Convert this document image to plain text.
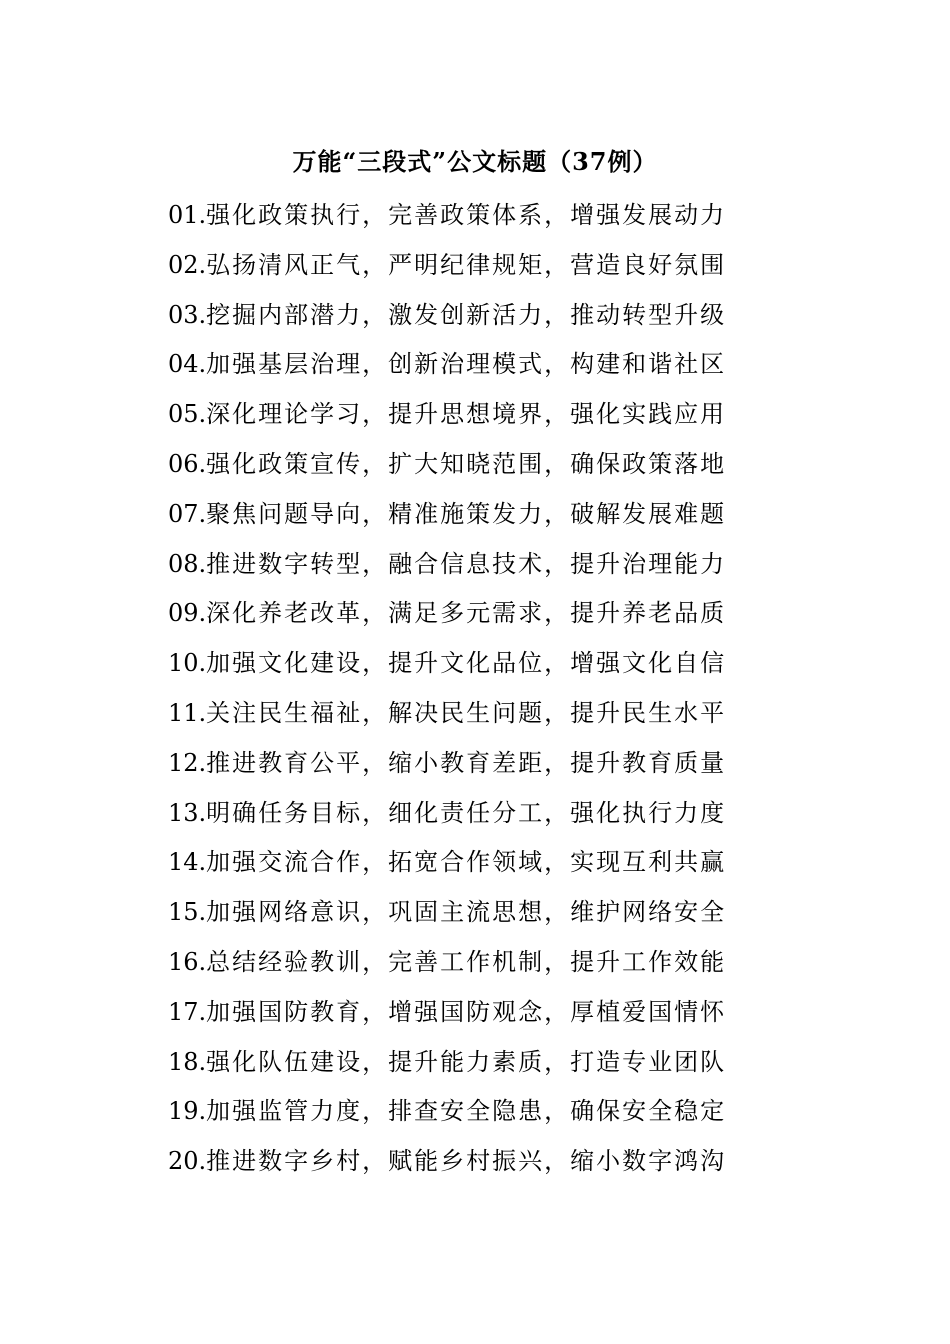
万能“三段式”公文标题（37例）
01.强化政策执行，完善政策体系，增强发展动力
02.弘扬清风正气，严明纪律规矩，营造良好氛围
03.挖掘内部潜力，激发创新活力，推动转型升级
04.加强基层治理，创新治理模式，构建和谐社区
05.深化理论学习，提升思想境界，强化实践应用
06.强化政策宣传，扩大知晓范围，确保政策落地
07.聚焦问题导向，精准施策发力，破解发展难题
08.推进数字转型，融合信息技术，提升治理能力
09.深化养老改革，满足多元需求，提升养老品质
10.加强文化建设，提升文化品位，增强文化自信
11.关注民生福祉，解决民生问题，提升民生水平
12.推进教育公平，缩小教育差距，提升教育质量
13.明确任务目标，细化责任分工，强化执行力度
14.加强交流合作，拓宽合作领域，实现互利共赢
15.加强网络意识，巩固主流思想，维护网络安全
16.总结经验教训，完善工作机制，提升工作效能
17.加强国防教育，增强国防观念，厚植爱国情怀
18.强化队伍建设，提升能力素质，打造专业团队
19.加强监管力度，排查安全隐患，确保安全稳定
20.推进数字乡村，赋能乡村振兴，缩小数字鸿沟
